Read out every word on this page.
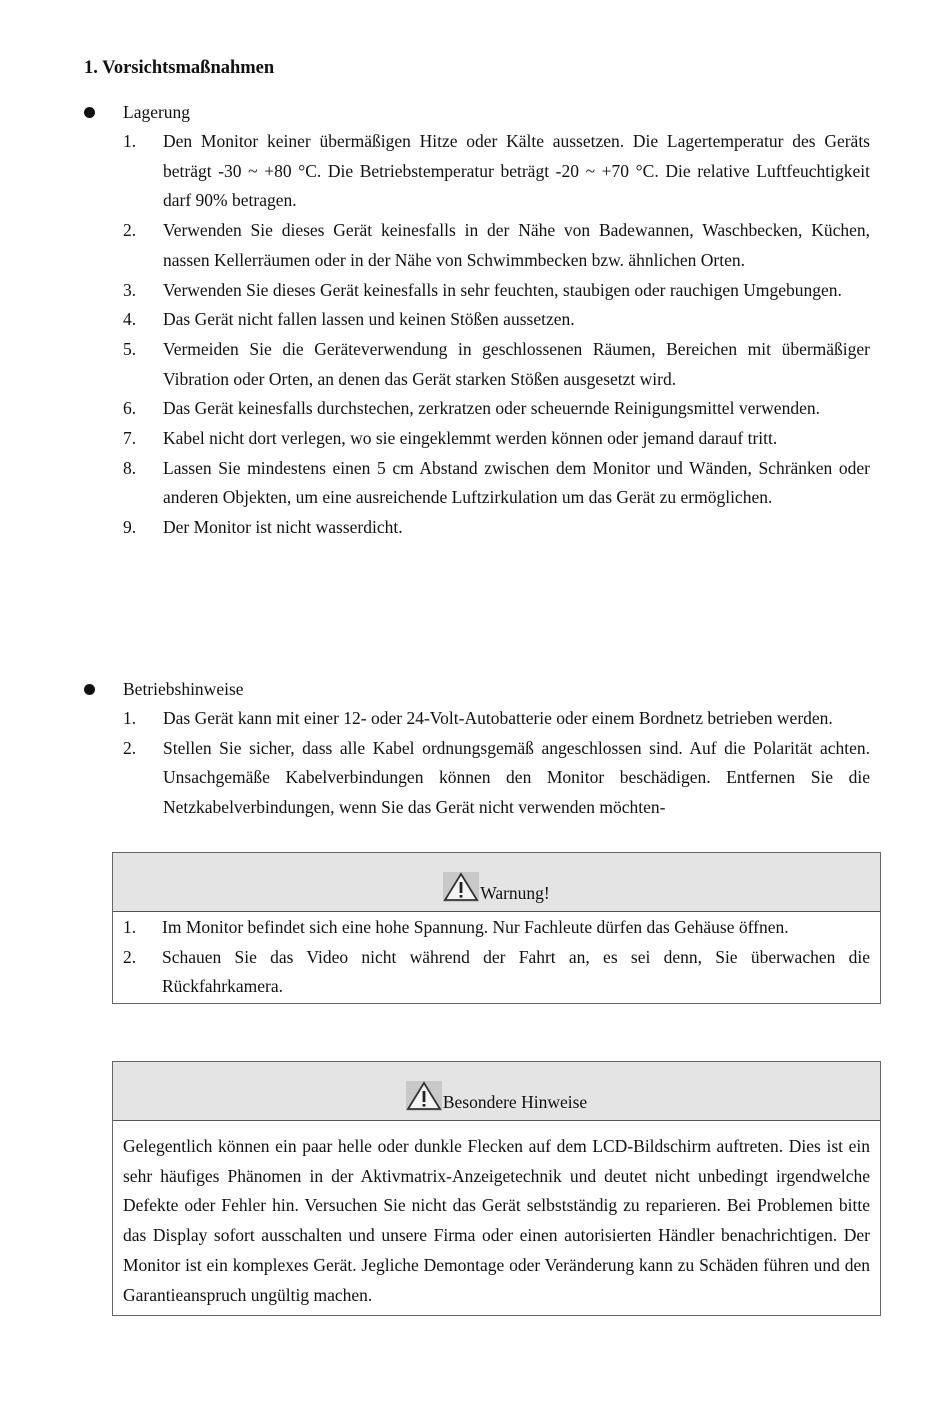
1. Vorsichtsmaßnahmen
Lagerung
1. Den Monitor keiner übermäßigen Hitze oder Kälte aussetzen. Die Lagertemperatur des Geräts beträgt -30 ~ +80 °C. Die Betriebstemperatur beträgt -20 ~ +70 °C. Die relative Luftfeuchtigkeit darf 90% betragen.
2. Verwenden Sie dieses Gerät keinesfalls in der Nähe von Badewannen, Waschbecken, Küchen, nassen Kellerräumen oder in der Nähe von Schwimmbecken bzw. ähnlichen Orten.
3. Verwenden Sie dieses Gerät keinesfalls in sehr feuchten, staubigen oder rauchigen Umgebungen.
4. Das Gerät nicht fallen lassen und keinen Stößen aussetzen.
5. Vermeiden Sie die Geräteverwendung in geschlossenen Räumen, Bereichen mit übermäßiger Vibration oder Orten, an denen das Gerät starken Stößen ausgesetzt wird.
6. Das Gerät keinesfalls durchstechen, zerkratzen oder scheuernde Reinigungsmittel verwenden.
7. Kabel nicht dort verlegen, wo sie eingeklemmt werden können oder jemand darauf tritt.
8. Lassen Sie mindestens einen 5 cm Abstand zwischen dem Monitor und Wänden, Schränken oder anderen Objekten, um eine ausreichende Luftzirkulation um das Gerät zu ermöglichen.
9. Der Monitor ist nicht wasserdicht.
Betriebshinweise
1. Das Gerät kann mit einer 12- oder 24-Volt-Autobatterie oder einem Bordnetz betrieben werden.
2. Stellen Sie sicher, dass alle Kabel ordnungsgemäß angeschlossen sind. Auf die Polarität achten. Unsachgemäße Kabelverbindungen können den Monitor beschädigen. Entfernen Sie die Netzkabelverbindungen, wenn Sie das Gerät nicht verwenden möchten-
Warnung!
1. Im Monitor befindet sich eine hohe Spannung. Nur Fachleute dürfen das Gehäuse öffnen.
2. Schauen Sie das Video nicht während der Fahrt an, es sei denn, Sie überwachen die Rückfahrkamera.
Besondere Hinweise
Gelegentlich können ein paar helle oder dunkle Flecken auf dem LCD-Bildschirm auftreten. Dies ist ein sehr häufiges Phänomen in der Aktivmatrix-Anzeigetechnik und deutet nicht unbedingt irgendwelche Defekte oder Fehler hin. Versuchen Sie nicht das Gerät selbstständig zu reparieren. Bei Problemen bitte das Display sofort ausschalten und unsere Firma oder einen autorisierten Händler benachrichtigen. Der Monitor ist ein komplexes Gerät. Jegliche Demontage oder Veränderung kann zu Schäden führen und den Garantieanspruch ungültig machen.
